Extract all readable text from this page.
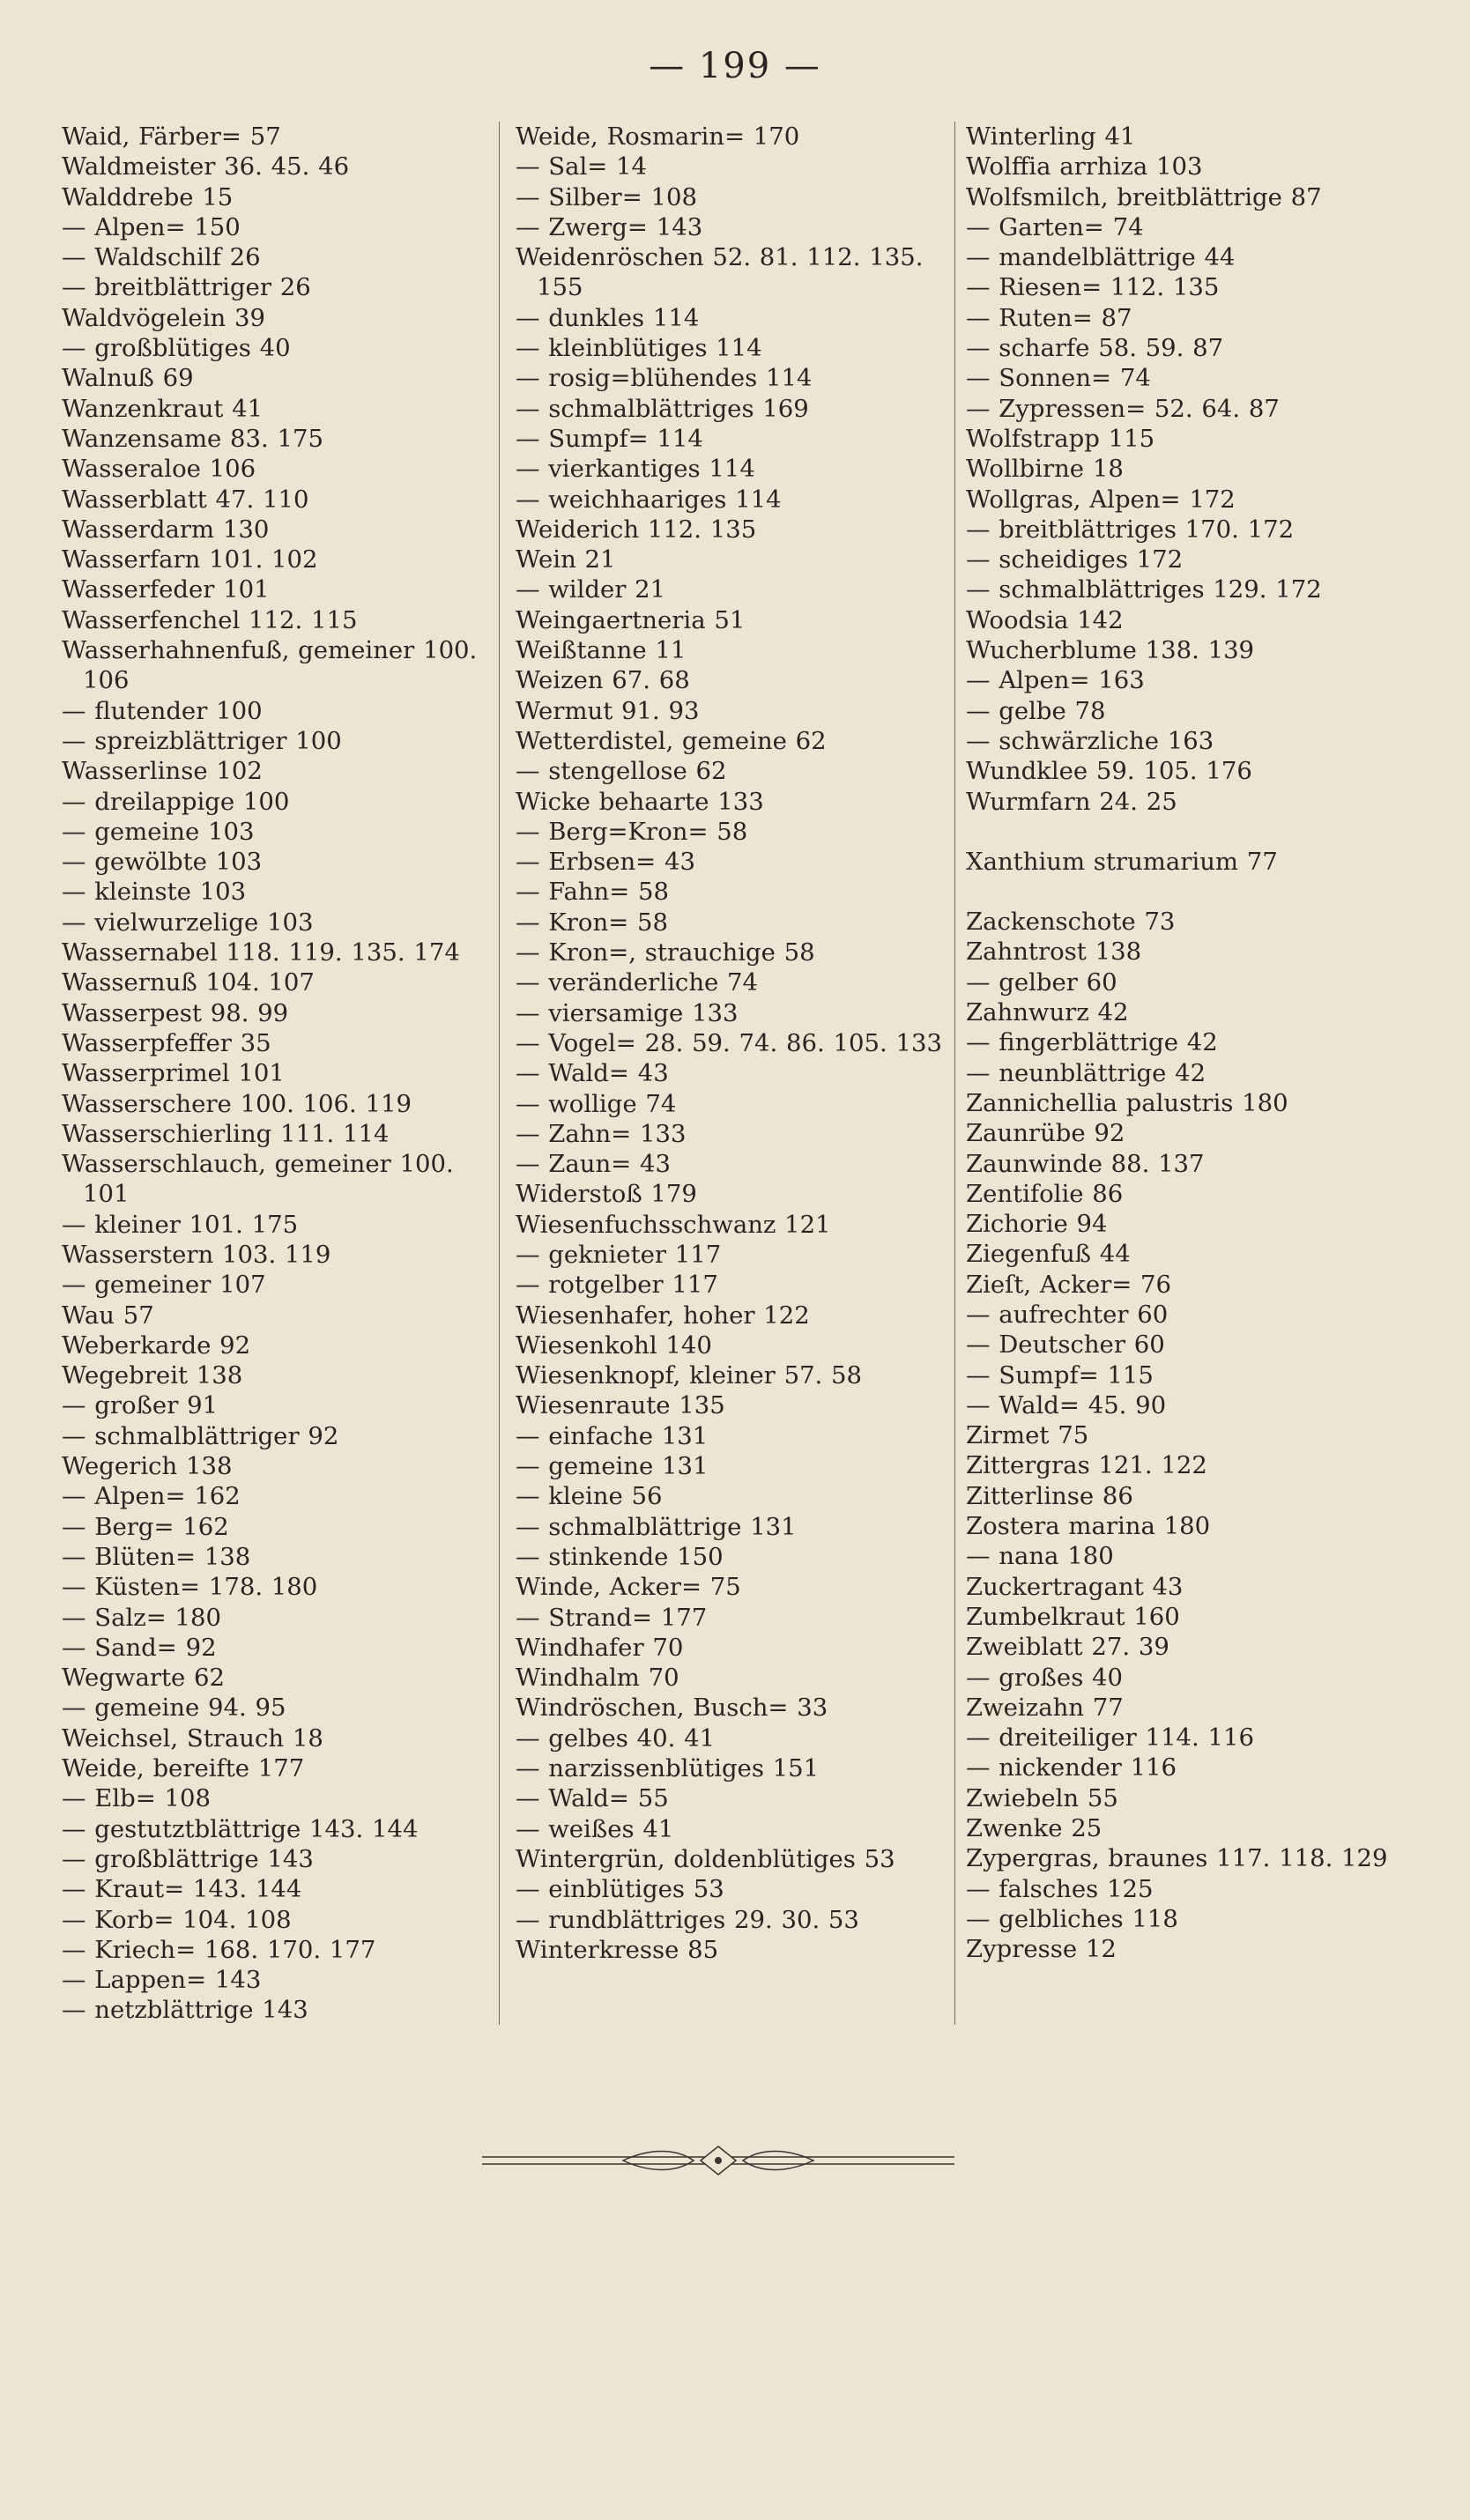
— 199 —
Waid, Färber= 57
Waldmeister 36. 45. 46
Walddrebe 15
— Alpen= 150
— Waldschilf 26
— breitblättriger 26
Waldvögelein 39
— großblütiges 40
Walnuß 69
Wanzenkraut 41
Wanzensame 83. 175
Wasseraloe 106
Wasserblatt 47. 110
Wasserdarm 130
Wasserfarn 101. 102
Wasserfeder 101
Wasserfenchel 112. 115
Wasserhahnenfuß, gemeiner 100. 106
— flutender 100
— spreizblättriger 100
Wasserlinse 102
— dreilappige 100
— gemeine 103
— gewölbte 103
— kleinste 103
— vielwurzelige 103
Wassernabel 118. 119. 135. 174
Wassernuß 104. 107
Wasserpest 98. 99
Wasserpfeffer 35
Wasserprimel 101
Wasserschere 100. 106. 119
Wasserschierling 111. 114
Wasserschlauch, gemeiner 100. 101
— kleiner 101. 175
Wasserstern 103. 119
— gemeiner 107
Wau 57
Weberkarde 92
Wegebreit 138
— großer 91
— schmalblättriger 92
Wegerich 138
— Alpen= 162
— Berg= 162
— Blüten= 138
— Küsten= 178. 180
— Salz= 180
— Sand= 92
Wegwarte 62
— gemeine 94. 95
Weichsel, Strauch 18
Weide, bereifte 177
— Elb= 108
— gestutztblättrige 143. 144
— großblättrige 143
— Kraut= 143. 144
— Korb= 104. 108
— Kriech= 168. 170. 177
— Lappen= 143
— netzblättrige 143
Weide, Rosmarin= 170
— Sal= 14
— Silber= 108
— Zwerg= 143
Weidenröschen 52. 81. 112. 135. 155
— dunkles 114
— kleinblütiges 114
— rosig=blühendes 114
— schmalblättriges 169
— Sumpf= 114
— vierkantiges 114
— weichhaariges 114
Weiderich 112. 135
Wein 21
— wilder 21
Weingaertneria 51
Weißtanne 11
Weizen 67. 68
Wermut 91. 93
Wetterdistel, gemeine 62
— stengellose 62
Wicke behaarte 133
— Berg=Kron= 58
— Erbsen= 43
— Fahn= 58
— Kron= 58
— Kron=, strauchige 58
— veränderliche 74
— viersamige 133
— Vogel= 28. 59. 74. 86. 105. 133
— Wald= 43
— wollige 74
— Zahn= 133
— Zaun= 43
Widerstoß 179
Wiesenfuchsschwanz 121
— geknieter 117
— rotgelber 117
Wiesenhafer, hoher 122
Wiesenkohl 140
Wiesenknopf, kleiner 57. 58
Wiesenraute 135
— einfache 131
— gemeine 131
— kleine 56
— schmalblättrige 131
— stinkende 150
Winde, Acker= 75
— Strand= 177
Windhafer 70
Windhalm 70
Windröschen, Busch= 33
— gelbes 40. 41
— narzissenblütiges 151
— Wald= 55
— weißes 41
Wintergrün, doldenblütiges 53
— einblütiges 53
— rundblättriges 29. 30. 53
Winterkresse 85
Winterling 41
Wolffia arrhiza 103
Wolfsmilch, breitblättrige 87
— Garten= 74
— mandelblättrige 44
— Riesen= 112. 135
— Ruten= 87
— scharfe 58. 59. 87
— Sonnen= 74
— Zypressen= 52. 64. 87
Wolfstrapp 115
Wollbirne 18
Wollgras, Alpen= 172
— breitblättriges 170. 172
— scheidiges 172
— schmalblättriges 129. 172
Woodsia 142
Wucherblume 138. 139
— Alpen= 163
— gelbe 78
— schwärzliche 163
Wundklee 59. 105. 176
Wurmfarn 24. 25
Xanthium strumarium 77
Zackenschote 73
Zahntrost 138
— gelber 60
Zahnwurz 42
— fingerblättrige 42
— neunblättrige 42
Zannichellia palustris 180
Zaunrübe 92
Zaunwinde 88. 137
Zentifolie 86
Zichorie 94
Ziegenfuß 44
Zieſt, Acker= 76
— aufrechter 60
— Deutscher 60
— Sumpf= 115
— Wald= 45. 90
Zirmet 75
Zittergras 121. 122
Zitterlinse 86
Zostera marina 180
— nana 180
Zuckertragant 43
Zumbelkraut 160
Zweiblatt 27. 39
— großes 40
Zweizahn 77
— dreiteiliger 114. 116
— nickender 116
Zwiebeln 55
Zwenke 25
Zypergras, braunes 117. 118. 129
— falsches 125
— gelbliches 118
Zypresse 12
